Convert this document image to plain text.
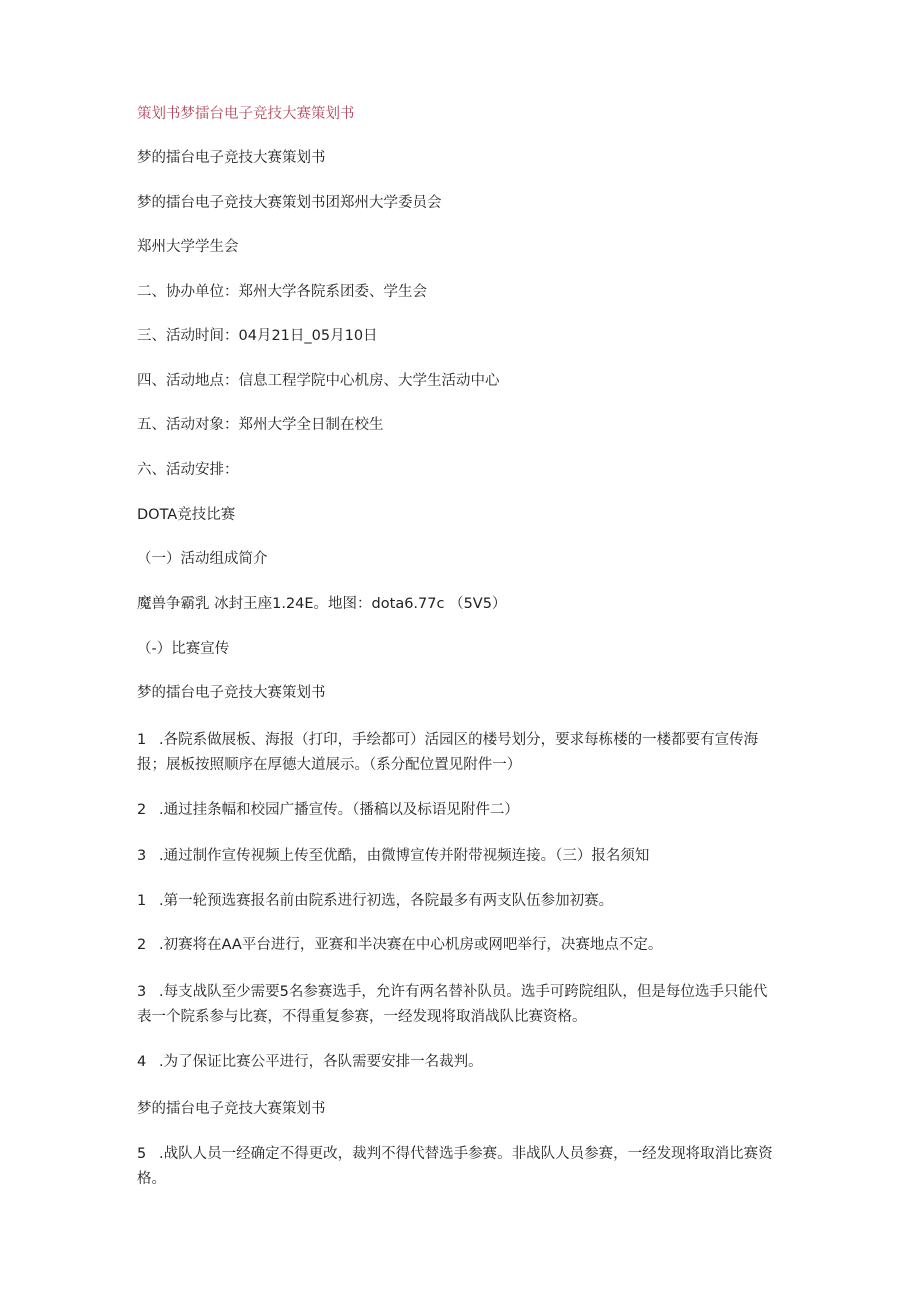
策划书梦擂台电子竞技大赛策划书
梦的擂台电子竞技大赛策划书
梦的擂台电子竞技大赛策划书团郑州大学委员会
郑州大学学生会
二、协办单位：郑州大学各院系团委、学生会
三、活动时间：04月21日_05月10日
四、活动地点：信息工程学院中心机房、大学生活动中心
五、活动对象：郑州大学全日制在校生
六、活动安排：
DOTA竞技比赛
（一）活动组成简介
魔兽争霸乳 冰封王座1.24E。地图：dota6.77c （5V5）
（-）比赛宣传
梦的擂台电子竞技大赛策划书
1 .各院系做展板、海报（打印，手绘都可）活园区的楼号划分，要求每栋楼的一楼都要有宣传海报；展板按照顺序在厚德大道展示。（系分配位置见附件一）
2 .通过挂条幅和校园广播宣传。（播稿以及标语见附件二）
3 .通过制作宣传视频上传至优酷，由微博宣传并附带视频连接。（三）报名须知
1 .第一轮预选赛报名前由院系进行初选，各院最多有两支队伍参加初赛。
2 .初赛将在AA平台进行，亚赛和半决赛在中心机房或网吧举行，决赛地点不定。
3 .每支战队至少需要5名参赛选手，允许有两名替补队员。选手可跨院组队，但是每位选手只能代表一个院系参与比赛，不得重复参赛，一经发现将取消战队比赛资格。
4 .为了保证比赛公平进行，各队需要安排一名裁判。
梦的擂台电子竞技大赛策划书
5 .战队人员一经确定不得更改，裁判不得代替选手参赛。非战队人员参赛，一经发现将取消比赛资格。
